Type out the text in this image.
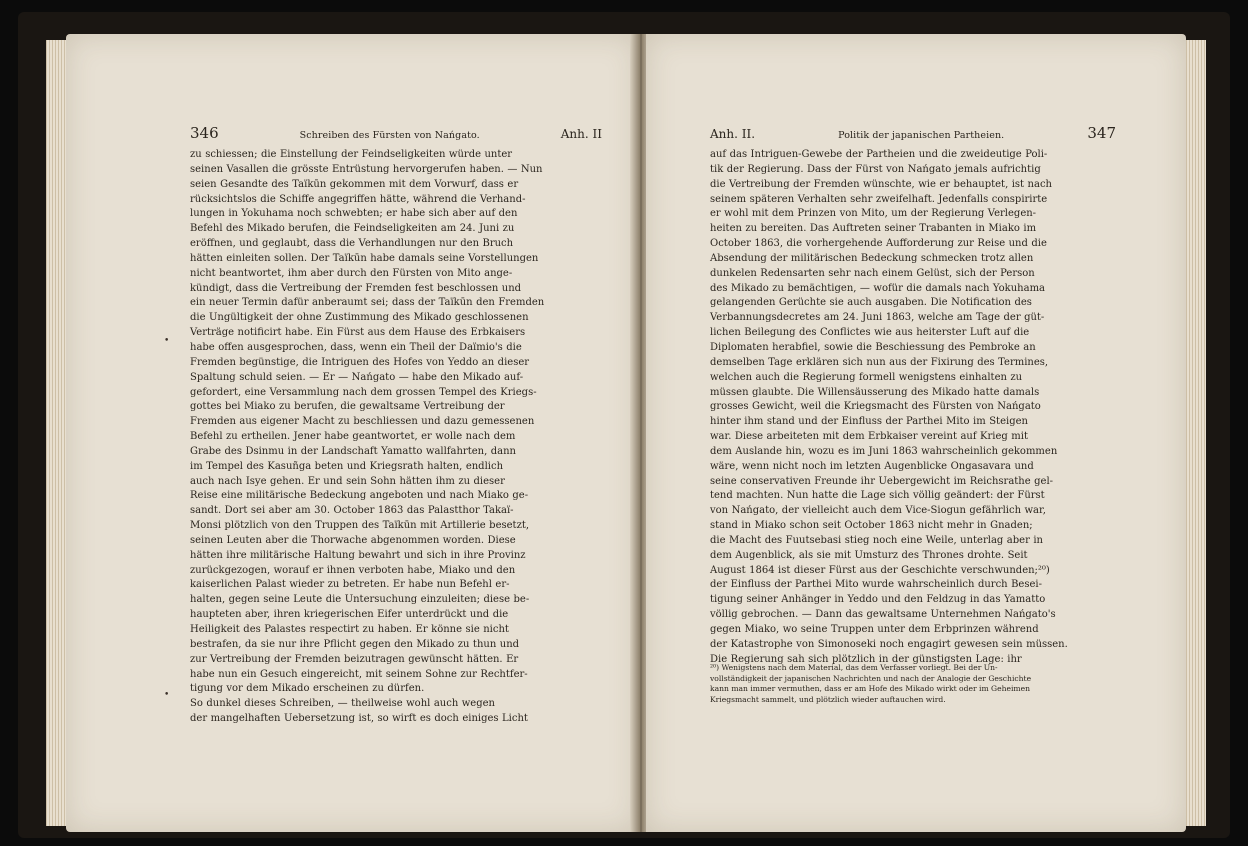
346	Schreiben des Fürsten von Nańgato.	Anh. II
zu schiessen; die Einstellung der Feindseligkeiten würde unter
seinen Vasallen die grösste Entrüstung hervorgerufen haben. — Nun
seien Gesandte des Taïkūn gekommen mit dem Vorwurf, dass er
rücksichtslos die Schiffe angegriffen hätte, während die Verhand-
lungen in Yokuhama noch schwebten; er habe sich aber auf den
Befehl des Mikado berufen, die Feindseligkeiten am 24. Juni zu
eröffnen, und geglaubt, dass die Verhandlungen nur den Bruch
hätten einleiten sollen. Der Taïkūn habe damals seine Vorstellungen
nicht beantwortet, ihm aber durch den Fürsten von Mito ange-
kündigt, dass die Vertreibung der Fremden fest beschlossen und
ein neuer Termin dafür anberaumt sei; dass der Taïkūn den Fremden
die Ungültigkeit der ohne Zustimmung des Mikado geschlossenen
Verträge notificirt habe. Ein Fürst aus dem Hause des Erbkaisers
habe offen ausgesprochen, dass, wenn ein Theil der Daïmio's die
Fremden begünstige, die Intriguen des Hofes von Yeddo an dieser
Spaltung schuld seien. — Er — Nańgato — habe den Mikado auf-
gefordert, eine Versammlung nach dem grossen Tempel des Kriegs-
gottes bei Miako zu berufen, die gewaltsame Vertreibung der
Fremden aus eigener Macht zu beschliessen und dazu gemessenen
Befehl zu ertheilen. Jener habe geantwortet, er wolle nach dem
Grabe des Dsinmu in der Landschaft Yamatto wallfahrten, dann
im Tempel des Kasuñga beten und Kriegsrath halten, endlich
auch nach Isye gehen. Er und sein Sohn hätten ihm zu dieser
Reise eine militärische Bedeckung angeboten und nach Miako ge-
sandt. Dort sei aber am 30. October 1863 das Palastthor Takaï-
Monsi plötzlich von den Truppen des Taïkūn mit Artillerie besetzt,
seinen Leuten aber die Thorwache abgenommen worden. Diese
hätten ihre militärische Haltung bewahrt und sich in ihre Provinz
zurückgezogen, worauf er ihnen verboten habe, Miako und den
kaiserlichen Palast wieder zu betreten. Er habe nun Befehl er-
halten, gegen seine Leute die Untersuchung einzuleiten; diese be-
haupteten aber, ihren kriegerischen Eifer unterdrückt und die
Heiligkeit des Palastes respectirt zu haben. Er könne sie nicht
bestrafen, da sie nur ihre Pflicht gegen den Mikado zu thun und
zur Vertreibung der Fremden beizutragen gewünscht hätten. Er
habe nun ein Gesuch eingereicht, mit seinem Sohne zur Rechtfer-
tigung vor dem Mikado erscheinen zu dürfen.
So dunkel dieses Schreiben, — theilweise wohl auch wegen
der mangelhaften Uebersetzung ist, so wirft es doch einiges Licht
•
•
Anh. II.	Politik der japanischen Partheien.	347
auf das Intriguen-Gewebe der Partheien und die zweideutige Poli-
tik der Regierung. Dass der Fürst von Nańgato jemals aufrichtig
die Vertreibung der Fremden wünschte, wie er behauptet, ist nach
seinem späteren Verhalten sehr zweifelhaft. Jedenfalls conspirirte
er wohl mit dem Prinzen von Mito, um der Regierung Verlegen-
heiten zu bereiten. Das Auftreten seiner Trabanten in Miako im
October 1863, die vorhergehende Aufforderung zur Reise und die
Absendung der militärischen Bedeckung schmecken trotz allen
dunkelen Redensarten sehr nach einem Gelüst, sich der Person
des Mikado zu bemächtigen, — wofür die damals nach Yokuhama
gelangenden Gerüchte sie auch ausgaben. Die Notification des
Verbannungsdecretes am 24. Juni 1863, welche am Tage der güt-
lichen Beilegung des Conflictes wie aus heiterster Luft auf die
Diplomaten herabfiel, sowie die Beschiessung des Pembroke an
demselben Tage erklären sich nun aus der Fixirung des Termines,
welchen auch die Regierung formell wenigstens einhalten zu
müssen glaubte. Die Willensäusserung des Mikado hatte damals
grosses Gewicht, weil die Kriegsmacht des Fürsten von Nańgato
hinter ihm stand und der Einfluss der Parthei Mito im Steigen
war. Diese arbeiteten mit dem Erbkaiser vereint auf Krieg mit
dem Auslande hin, wozu es im Juni 1863 wahrscheinlich gekommen
wäre, wenn nicht noch im letzten Augenblicke Ongasavara und
seine conservativen Freunde ihr Uebergewicht im Reichsrathe gel-
tend machten. Nun hatte die Lage sich völlig geändert: der Fürst
von Nańgato, der vielleicht auch dem Vice-Siogun gefährlich war,
stand in Miako schon seit October 1863 nicht mehr in Gnaden;
die Macht des Fuutsebasi stieg noch eine Weile, unterlag aber in
dem Augenblick, als sie mit Umsturz des Thrones drohte. Seit
August 1864 ist dieser Fürst aus der Geschichte verschwunden;²⁰)
der Einfluss der Parthei Mito wurde wahrscheinlich durch Besei-
tigung seiner Anhänger in Yeddo und den Feldzug in das Yamatto
völlig gebrochen. — Dann das gewaltsame Unternehmen Nańgato's
gegen Miako, wo seine Truppen unter dem Erbprinzen während
der Katastrophe von Simonoseki noch engagirt gewesen sein müssen.
Die Regierung sah sich plötzlich in der günstigsten Lage: ihr
²⁰) Wenigstens nach dem Material, das dem Verfasser vorliegt. Bei der Un-
vollständigkeit der japanischen Nachrichten und nach der Analogie der Geschichte
kann man immer vermuthen, dass er am Hofe des Mikado wirkt oder im Geheimen
Kriegsmacht sammelt, und plötzlich wieder auftauchen wird.
